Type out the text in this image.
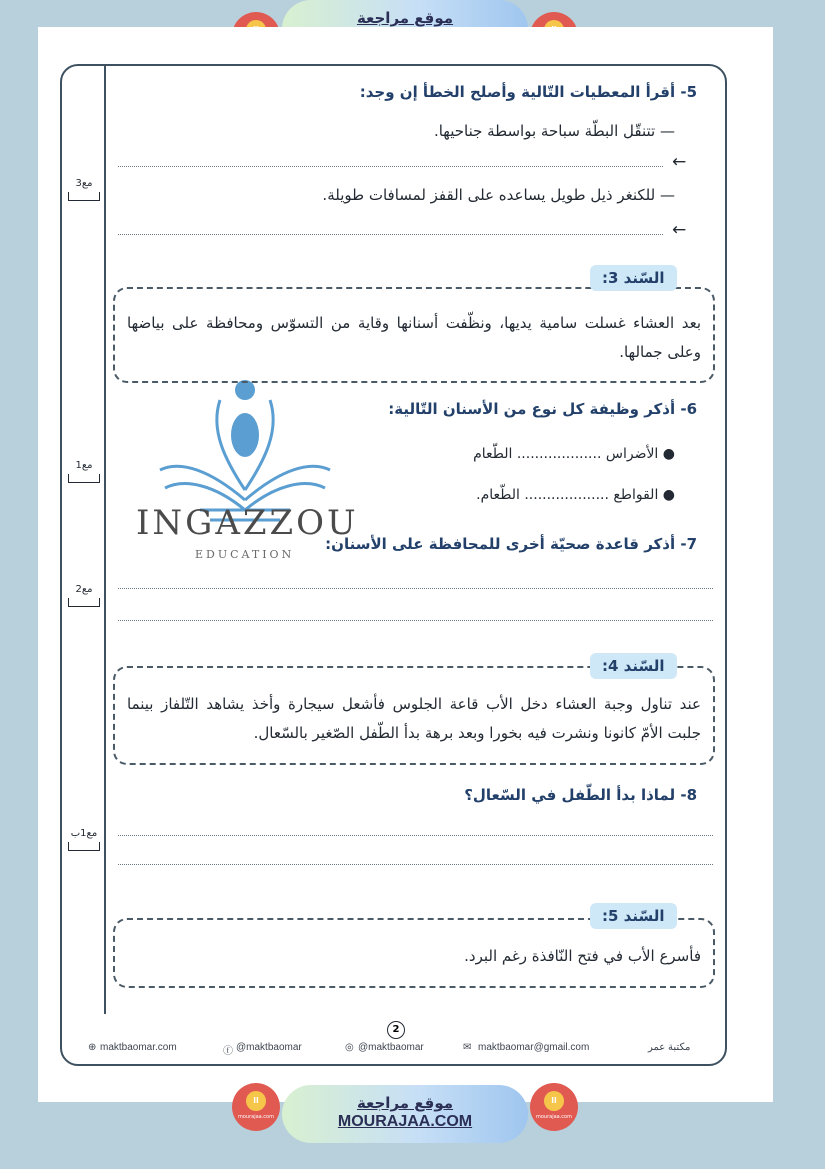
موقع مراجعة
INGAZZOU
EDUCATION
5- أقرأ المعطيات التّالية وأصلح الخطأ إن وجد:
— تتنقّل البطّة سباحة بواسطة جناحيها.
←
— للكنغر ذيل طويل يساعده على القفز لمسافات طويلة.
←
مع3
بعد العشاء غسلت سامية يديها، ونظّفت أسنانها وقاية من التسوّس ومحافظة على بياضها وعلى جمالها.
السّند 3:
6- أذكر وظيفة كل نوع من الأسنان التّالية:
● الأضراس ................... الطّعام
● القواطع ................... الطّعام.
مع1
7- أذكر قاعدة صحيّة أخرى للمحافظة على الأسنان:
مع2
عند تناول وجبة العشاء دخل الأب قاعة الجلوس فأشعل سيجارة وأخذ يشاهد التّلفاز بينما جلبت الأمّ كانونا ونشرت فيه بخورا وبعد برهة بدأ الطّفل الصّغير بالسّعال.
السّند 4:
8- لماذا بدأ الطّفل في السّعال؟
مع1ب
فأسرع الأب في فتح النّافذة رغم البرد.
السّند 5:
2
⊕ maktbaomar.com	ⓕ @maktbaomar	◎ @maktbaomar	✉ maktbaomar@gmail.com	مكتبة عمر
اا
mourajaa.com
موقع مراجعة
MOURAJAA.COM
اا
mourajaa.com
